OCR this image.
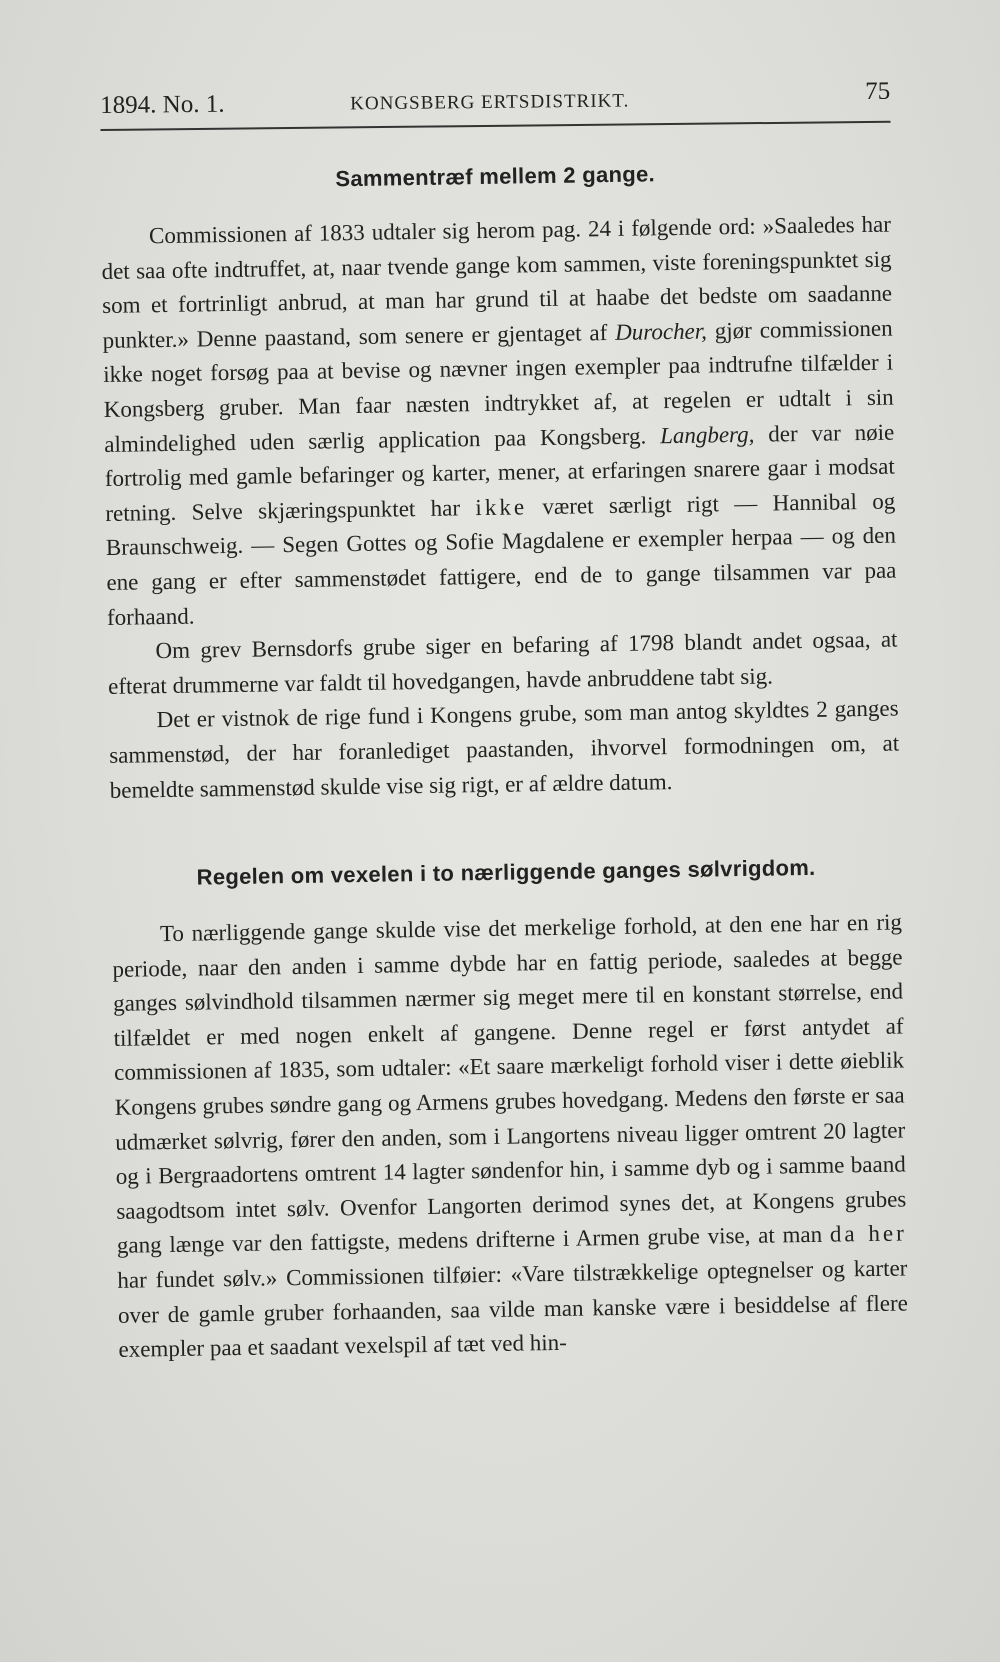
1894. No. 1.	KONGSBERG ERTSDISTRIKT.	75
Sammentræf mellem 2 gange.

Commissionen af 1833 udtaler sig herom pag. 24 i følgende ord: »Saaledes har det saa ofte indtruffet, at, naar tvende gange kom sammen, viste foreningspunktet sig som et fortrinligt anbrud, at man har grund til at haabe det bedste om saadanne punkter.» Denne paastand, som senere er gjentaget af Durocher, gjør commissionen ikke noget forsøg paa at bevise og nævner ingen exempler paa indtrufne tilfælder i Kongsberg gruber. Man faar næsten indtrykket af, at regelen er udtalt i sin almindelighed uden særlig application paa Kongsberg. Langberg, der var nøie fortrolig med gamle befaringer og karter, mener, at erfaringen snarere gaar i modsat retning. Selve skjæringspunktet har ikke været særligt rigt — Hannibal og Braunschweig. — Segen Gottes og Sofie Magdalene er exempler herpaa — og den ene gang er efter sammenstødet fattigere, end de to gange tilsammen var paa forhaand.

Om grev Bernsdorfs grube siger en befaring af 1798 blandt andet ogsaa, at efterat drummerne var faldt til hovedgangen, havde anbruddene tabt sig.

Det er vistnok de rige fund i Kongens grube, som man antog skyldtes 2 ganges sammenstød, der har foranlediget paastanden, ihvorvel formodningen om, at bemeldte sammenstød skulde vise sig rigt, er af ældre datum.

Regelen om vexelen i to nærliggende ganges sølvrigdom.

To nærliggende gange skulde vise det merkelige forhold, at den ene har en rig periode, naar den anden i samme dybde har en fattig periode, saaledes at begge ganges sølvindhold tilsammen nærmer sig meget mere til en konstant størrelse, end tilfældet er med nogen enkelt af gangene. Denne regel er først antydet af commissionen af 1835, som udtaler: «Et saare mærkeligt forhold viser i dette øieblik Kongens grubes søndre gang og Armens grubes hovedgang. Medens den første er saa udmærket sølvrig, fører den anden, som i Langortens niveau ligger omtrent 20 lagter og i Bergraadortens omtrent 14 lagter søndenfor hin, i samme dyb og i samme baand saagodtsom intet sølv. Ovenfor Langorten derimod synes det, at Kongens grubes gang længe var den fattigste, medens drifterne i Armen grube vise, at man da her har fundet sølv.» Commissionen tilføier: «Vare tilstrækkelige optegnelser og karter over de gamle gruber forhaanden, saa vilde man kanske være i besiddelse af flere exempler paa et saadant vexelspil af tæt ved hin-
